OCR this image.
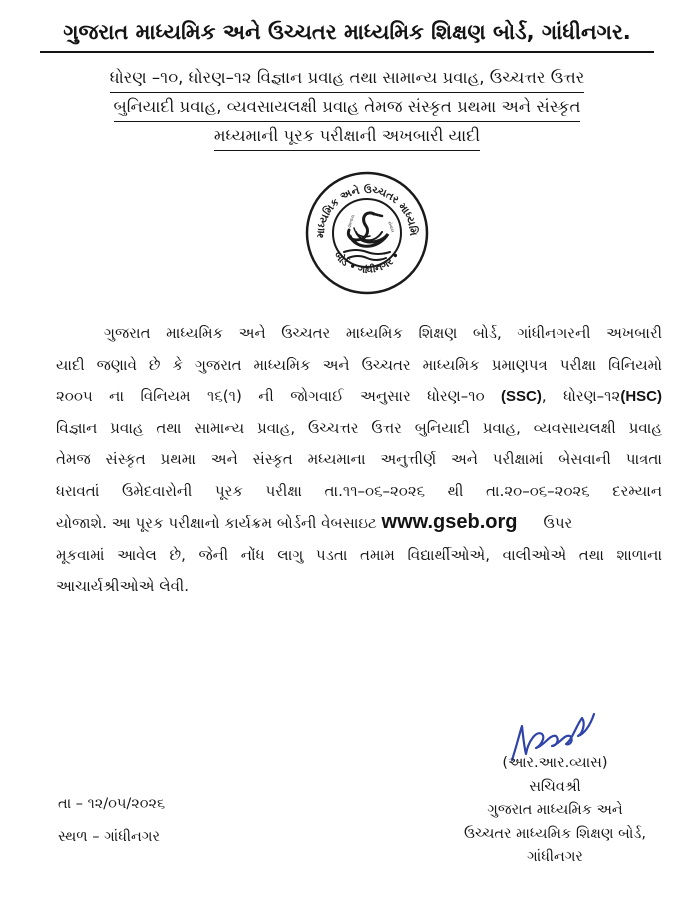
ગુજરાત માધ્યમિક અને ઉચ્ચતર માધ્યમિક શિક્ષણ બોર્ડ, ગાંધીનગર.
ધોરણ –૧૦, ધોરણ–૧૨ વિજ્ઞાન પ્રવાહ તથા સામાન્ય પ્રવાહ, ઉચ્ચત્તર ઉત્તર
બુનિયાદી પ્રવાહ, વ્યવસાયલક્ષી પ્રવાહ તેમજ સંસ્કૃત પ્રથમા અને સંસ્કૃત
મધ્યમાની પૂરક પરીક્ષાની અખબારી યાદી
માધ્યમિક અને ઉચ્ચતર માધ્યમિ
બોર્ડ • ગાંધીનગર •
જ્ઞાનાય	સેવાય
ગુજરાત માધ્યમિક અને ઉચ્ચતર માધ્યમિક શિક્ષણ બોર્ડ, ગાંધીનગરની અખબારી
યાદી જણાવે છે કે ગુજરાત માધ્યમિક અને ઉચ્ચતર માધ્યમિક પ્રમાણપત્ર પરીક્ષા વિનિયમો
૨૦૦૫ ના વિનિયમ ૧૬(૧) ની જોગવાઈ અનુસાર ધોરણ–૧૦ (SSC), ધોરણ–૧૨(HSC)
વિજ્ઞાન પ્રવાહ તથા સામાન્ય પ્રવાહ, ઉચ્ચત્તર ઉત્તર બુનિયાદી પ્રવાહ, વ્યવસાયલક્ષી પ્રવાહ
તેમજ સંસ્કૃત પ્રથમા અને સંસ્કૃત મધ્યમાના અનુત્તીર્ણ અને પરીક્ષામાં બેસવાની પાત્રતા
ધરાવતાં ઉમેદવારોની પૂરક પરીક્ષા તા.૧૧–૦૬–૨૦૨૬ થી તા.૨૦–૦૬–૨૦૨૬ દરમ્યાન
યોજાશે. આ પૂરક પરીક્ષાનો કાર્યક્રમ બોર્ડની વેબસાઇટ www.gseb.org ઉપર
મૂકવામાં આવેલ છે, જેની નોંધ લાગુ પડતા તમામ વિદ્યાર્થીઓએ, વાલીઓએ તથા શાળાના
આચાર્યશ્રીઓએ લેવી.
(આર.આર.વ્યાસ)
સચિવશ્રી
ગુજરાત માધ્યમિક અને
ઉચ્ચતર માધ્યમિક શિક્ષણ બોર્ડ,
ગાંધીનગર
તા – ૧૨/૦૫/૨૦૨૬
સ્થળ – ગાંધીનગર
